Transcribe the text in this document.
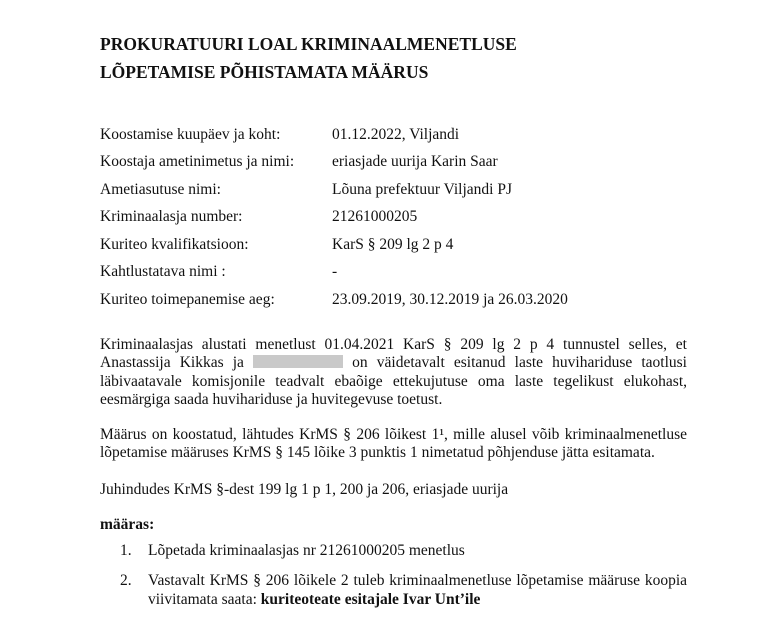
PROKURATUURI LOAL KRIMINAALMENETLUSE
LÕPETAMISE PÕHISTAMATA MÄÄRUS
Koostamise kuupäev ja koht:	01.12.2022, Viljandi
Koostaja ametinimetus ja nimi:	eriasjade uurija Karin Saar
Ametiasutuse nimi:	Lõuna prefektuur Viljandi PJ
Kriminaalasja number:	21261000205
Kuriteo kvalifikatsioon:	KarS § 209 lg 2 p 4
Kahtlustatava nimi :	-
Kuriteo toimepanemise aeg:	23.09.2019, 30.12.2019 ja 26.03.2020
Kriminaalasjas alustati menetlust 01.04.2021 KarS § 209 lg 2 p 4 tunnustel selles, et Anastassija Kikkas ja	on väidetavalt esitanud laste huvihariduse taotlusi läbivaatavale komisjonile teadvalt ebaõige ettekujutuse oma laste tegelikust elukohast, eesmärgiga saada huvihariduse ja huvitegevuse toetust.
Määrus on koostatud, lähtudes KrMS § 206 lõikest 1¹, mille alusel võib kriminaalmenetluse lõpetamise määruses KrMS § 145 lõike 3 punktis 1 nimetatud põhjenduse jätta esitamata.
Juhindudes KrMS §-dest 199 lg 1 p 1, 200 ja 206, eriasjade uurija
määras:
1. Lõpetada kriminaalasjas nr 21261000205 menetlus
2. Vastavalt KrMS § 206 lõikele 2 tuleb kriminaalmenetluse lõpetamise määruse koopia viivitamata saata: kuriteoteate esitajale Ivar Unt’ile
